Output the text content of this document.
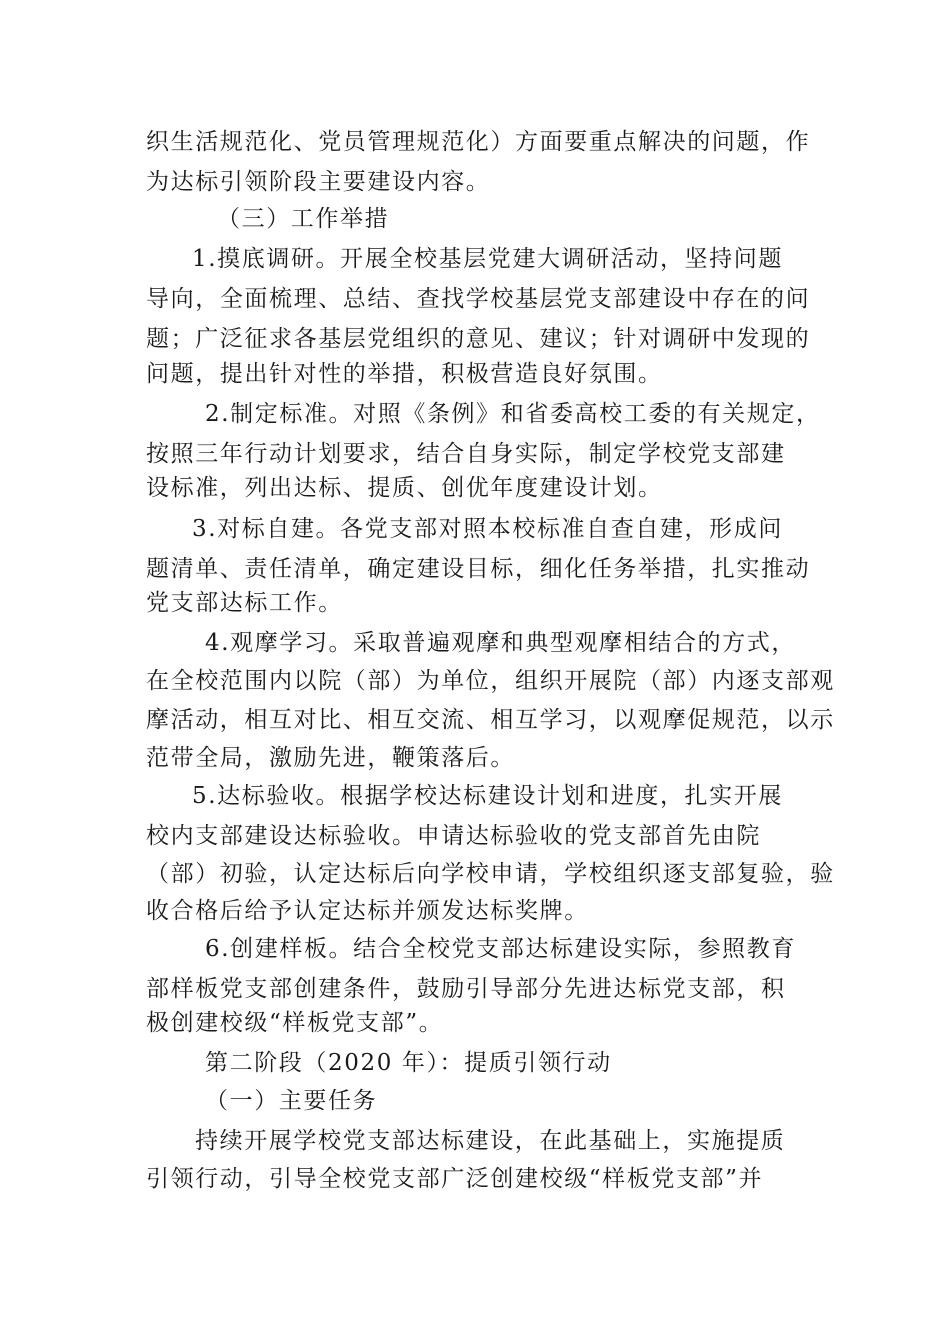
织生活规范化、党员管理规范化）方面要重点解决的问题，作
为达标引领阶段主要建设内容。
（三）工作举措
1.摸底调研。开展全校基层党建大调研活动，坚持问题
导向，全面梳理、总结、查找学校基层党支部建设中存在的问
题；广泛征求各基层党组织的意见、建议；针对调研中发现的
问题，提出针对性的举措，积极营造良好氛围。
2.制定标准。对照《条例》和省委高校工委的有关规定，
按照三年行动计划要求，结合自身实际，制定学校党支部建
设标准，列出达标、提质、创优年度建设计划。
3.对标自建。各党支部对照本校标准自查自建，形成问
题清单、责任清单，确定建设目标，细化任务举措，扎实推动
党支部达标工作。
4.观摩学习。采取普遍观摩和典型观摩相结合的方式，
在全校范围内以院（部）为单位，组织开展院（部）内逐支部观
摩活动，相互对比、相互交流、相互学习，以观摩促规范，以示
范带全局，激励先进，鞭策落后。
5.达标验收。根据学校达标建设计划和进度，扎实开展
校内支部建设达标验收。申请达标验收的党支部首先由院
（部）初验，认定达标后向学校申请，学校组织逐支部复验，验
收合格后给予认定达标并颁发达标奖牌。
6.创建样板。结合全校党支部达标建设实际，参照教育
部样板党支部创建条件，鼓励引导部分先进达标党支部，积
极创建校级“样板党支部”。
第二阶段（2020 年）：提质引领行动
（一）主要任务
持续开展学校党支部达标建设，在此基础上，实施提质
引领行动，引导全校党支部广泛创建校级“样板党支部”并
